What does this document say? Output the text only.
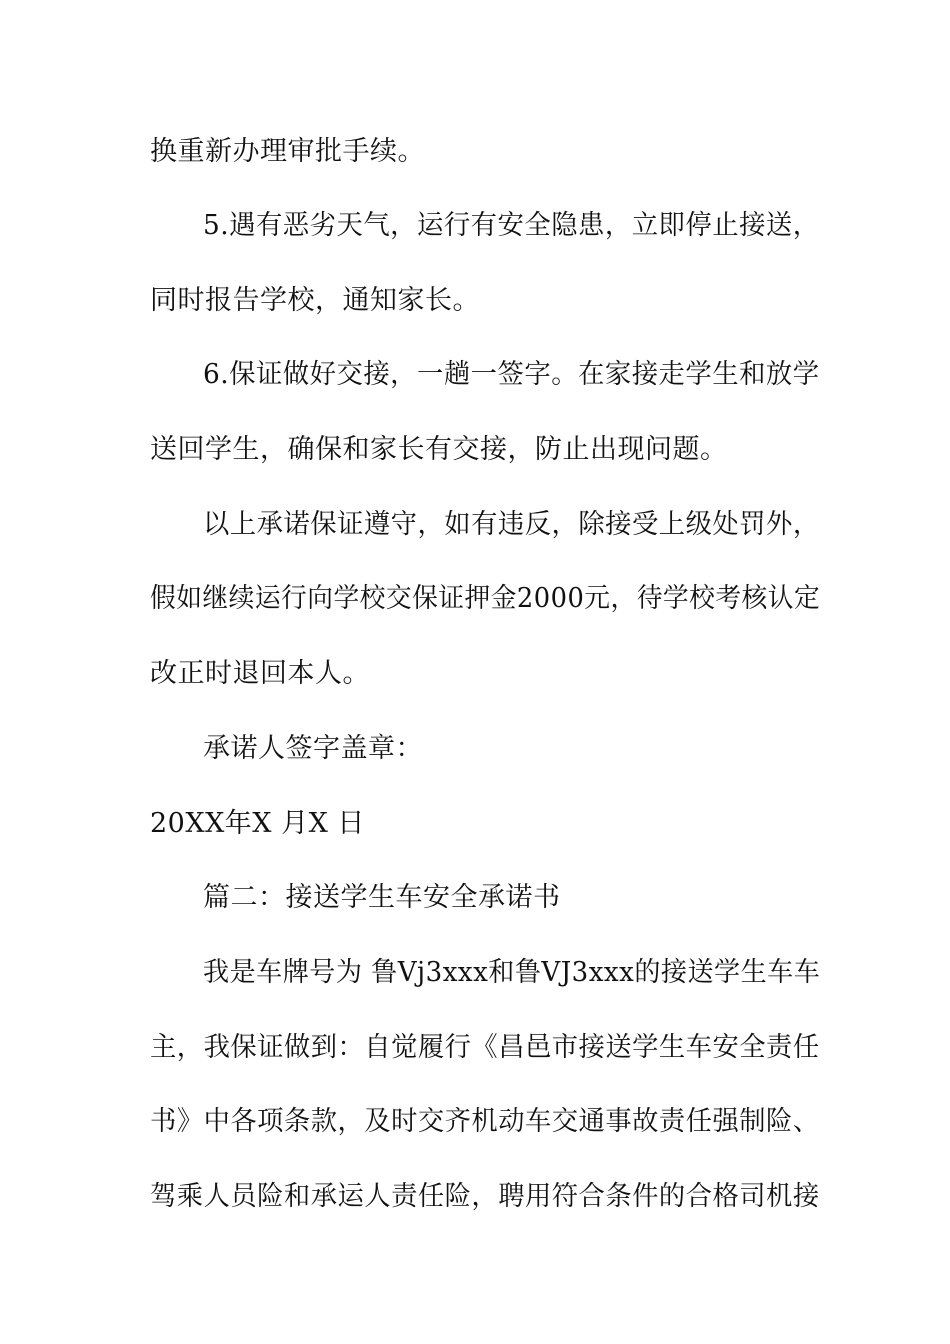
换重新办理审批手续。
5.遇有恶劣天气，运行有安全隐患，立即停止接送，
同时报告学校，通知家长。
6.保证做好交接，一趟一签字。在家接走学生和放学
送回学生，确保和家长有交接，防止出现问题。
以上承诺保证遵守，如有违反，除接受上级处罚外，
假如继续运行向学校交保证押金2000元，待学校考核认定
改正时退回本人。
承诺人签字盖章：
20XX年X 月X 日
篇二：接送学生车安全承诺书
我是车牌号为 鲁Vj3xxx和鲁VJ3xxx的接送学生车车
主，我保证做到：自觉履行《昌邑市接送学生车安全责任
书》中各项条款，及时交齐机动车交通事故责任强制险、
驾乘人员险和承运人责任险，聘用符合条件的合格司机接
